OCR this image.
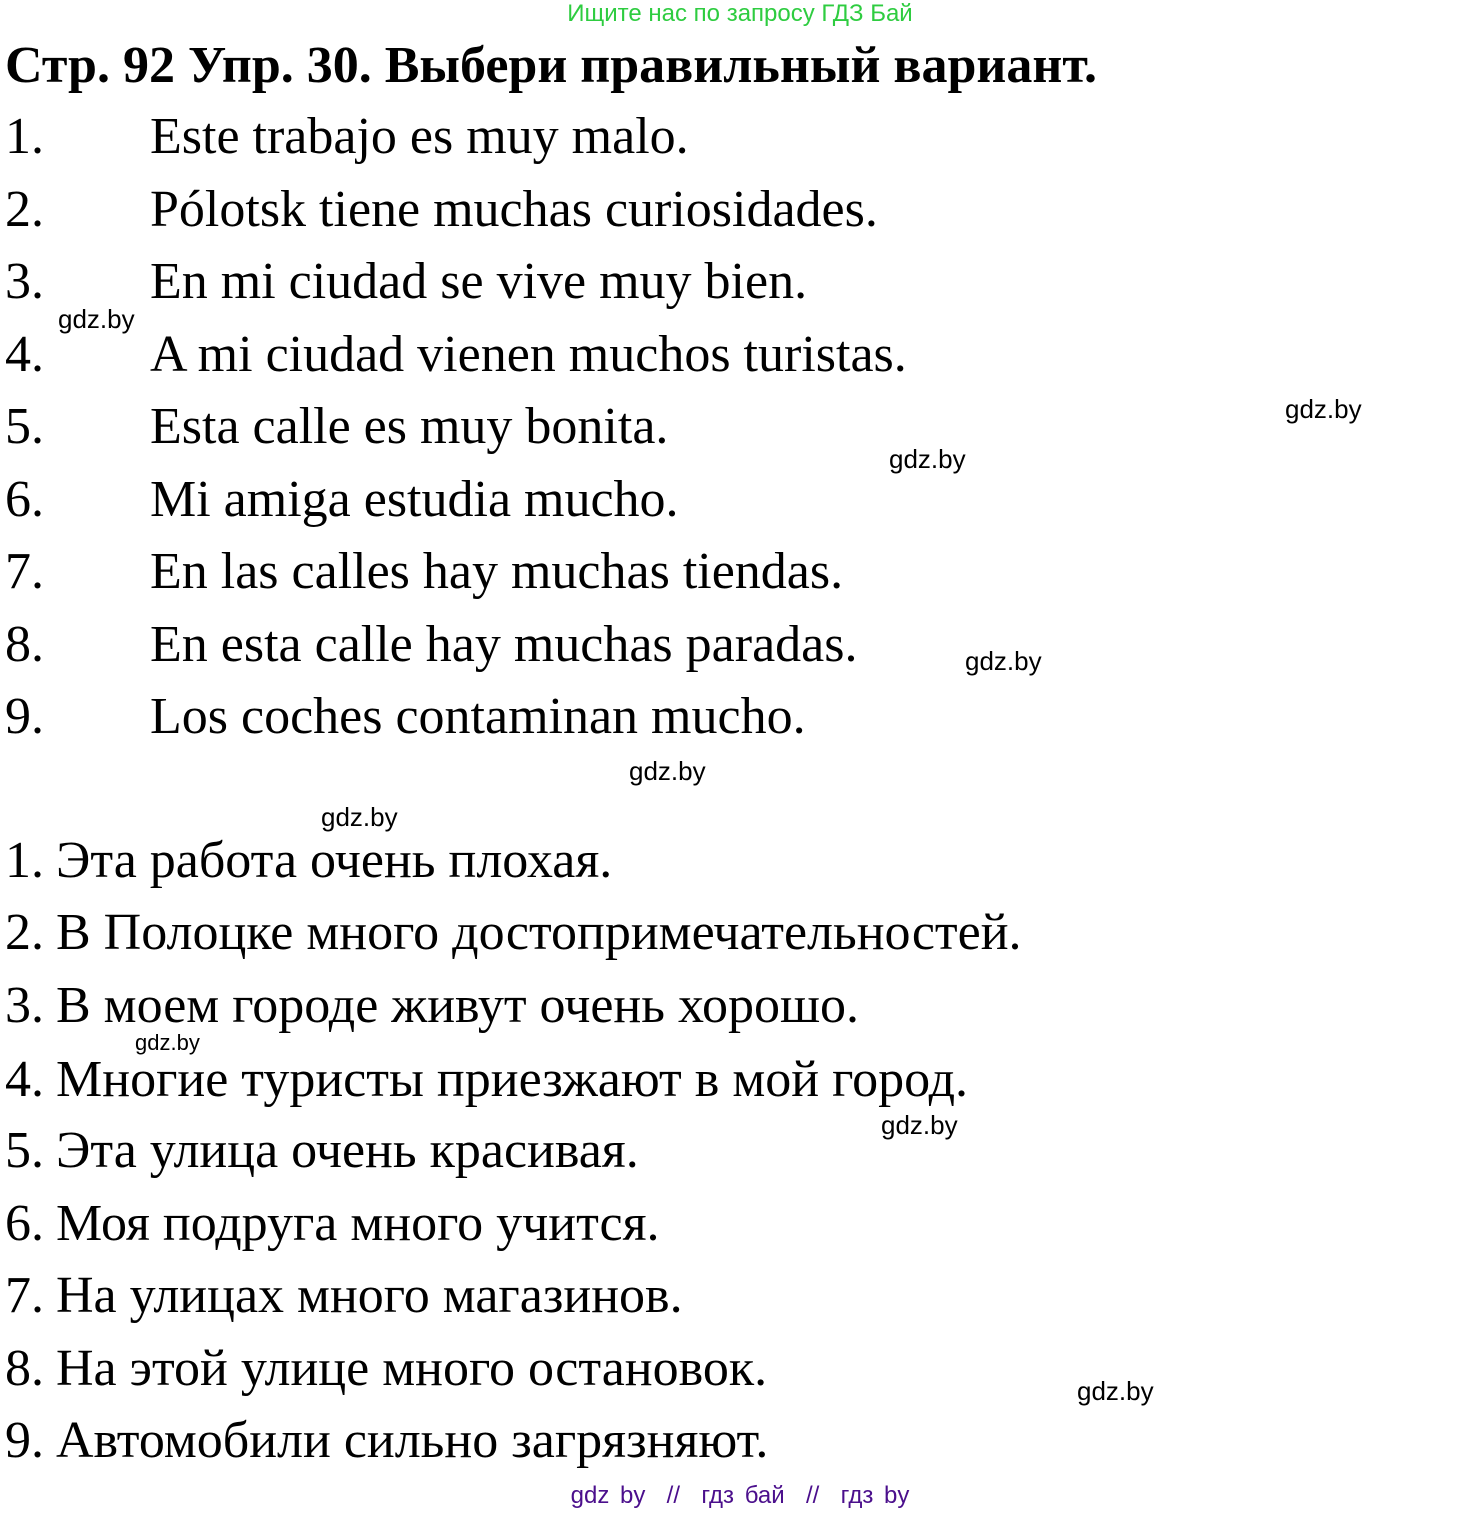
Ищите нас по запросу ГДЗ Бай
Стр. 92 Упр. 30. Выбери правильный вариант.
1. Este trabajo es muy malo.
2. Pólotsk tiene muchas curiosidades.
3. En mi ciudad se vive muy bien.
4. A mi ciudad vienen muchos turistas.
5. Esta calle es muy bonita.
6. Mi amiga estudia mucho.
7. En las calles hay muchas tiendas.
8. En esta calle hay muchas paradas.
9. Los coches contaminan mucho.
1. Эта работа очень плохая.
2. В Полоцке много достопримечательностей.
3. В моем городе живут очень хорошо.
4. Многие туристы приезжают в мой город.
5. Эта улица очень красивая.
6. Моя подруга много учится.
7. На улицах много магазинов.
8. На этой улице много остановок.
9. Автомобили сильно загрязняют.
gdz.by
gdz.by
gdz.by
gdz.by
gdz.by
gdz.by
gdz.by
gdz.by
gdz.by
gdz by  //  гдз бай  //  гдз by
